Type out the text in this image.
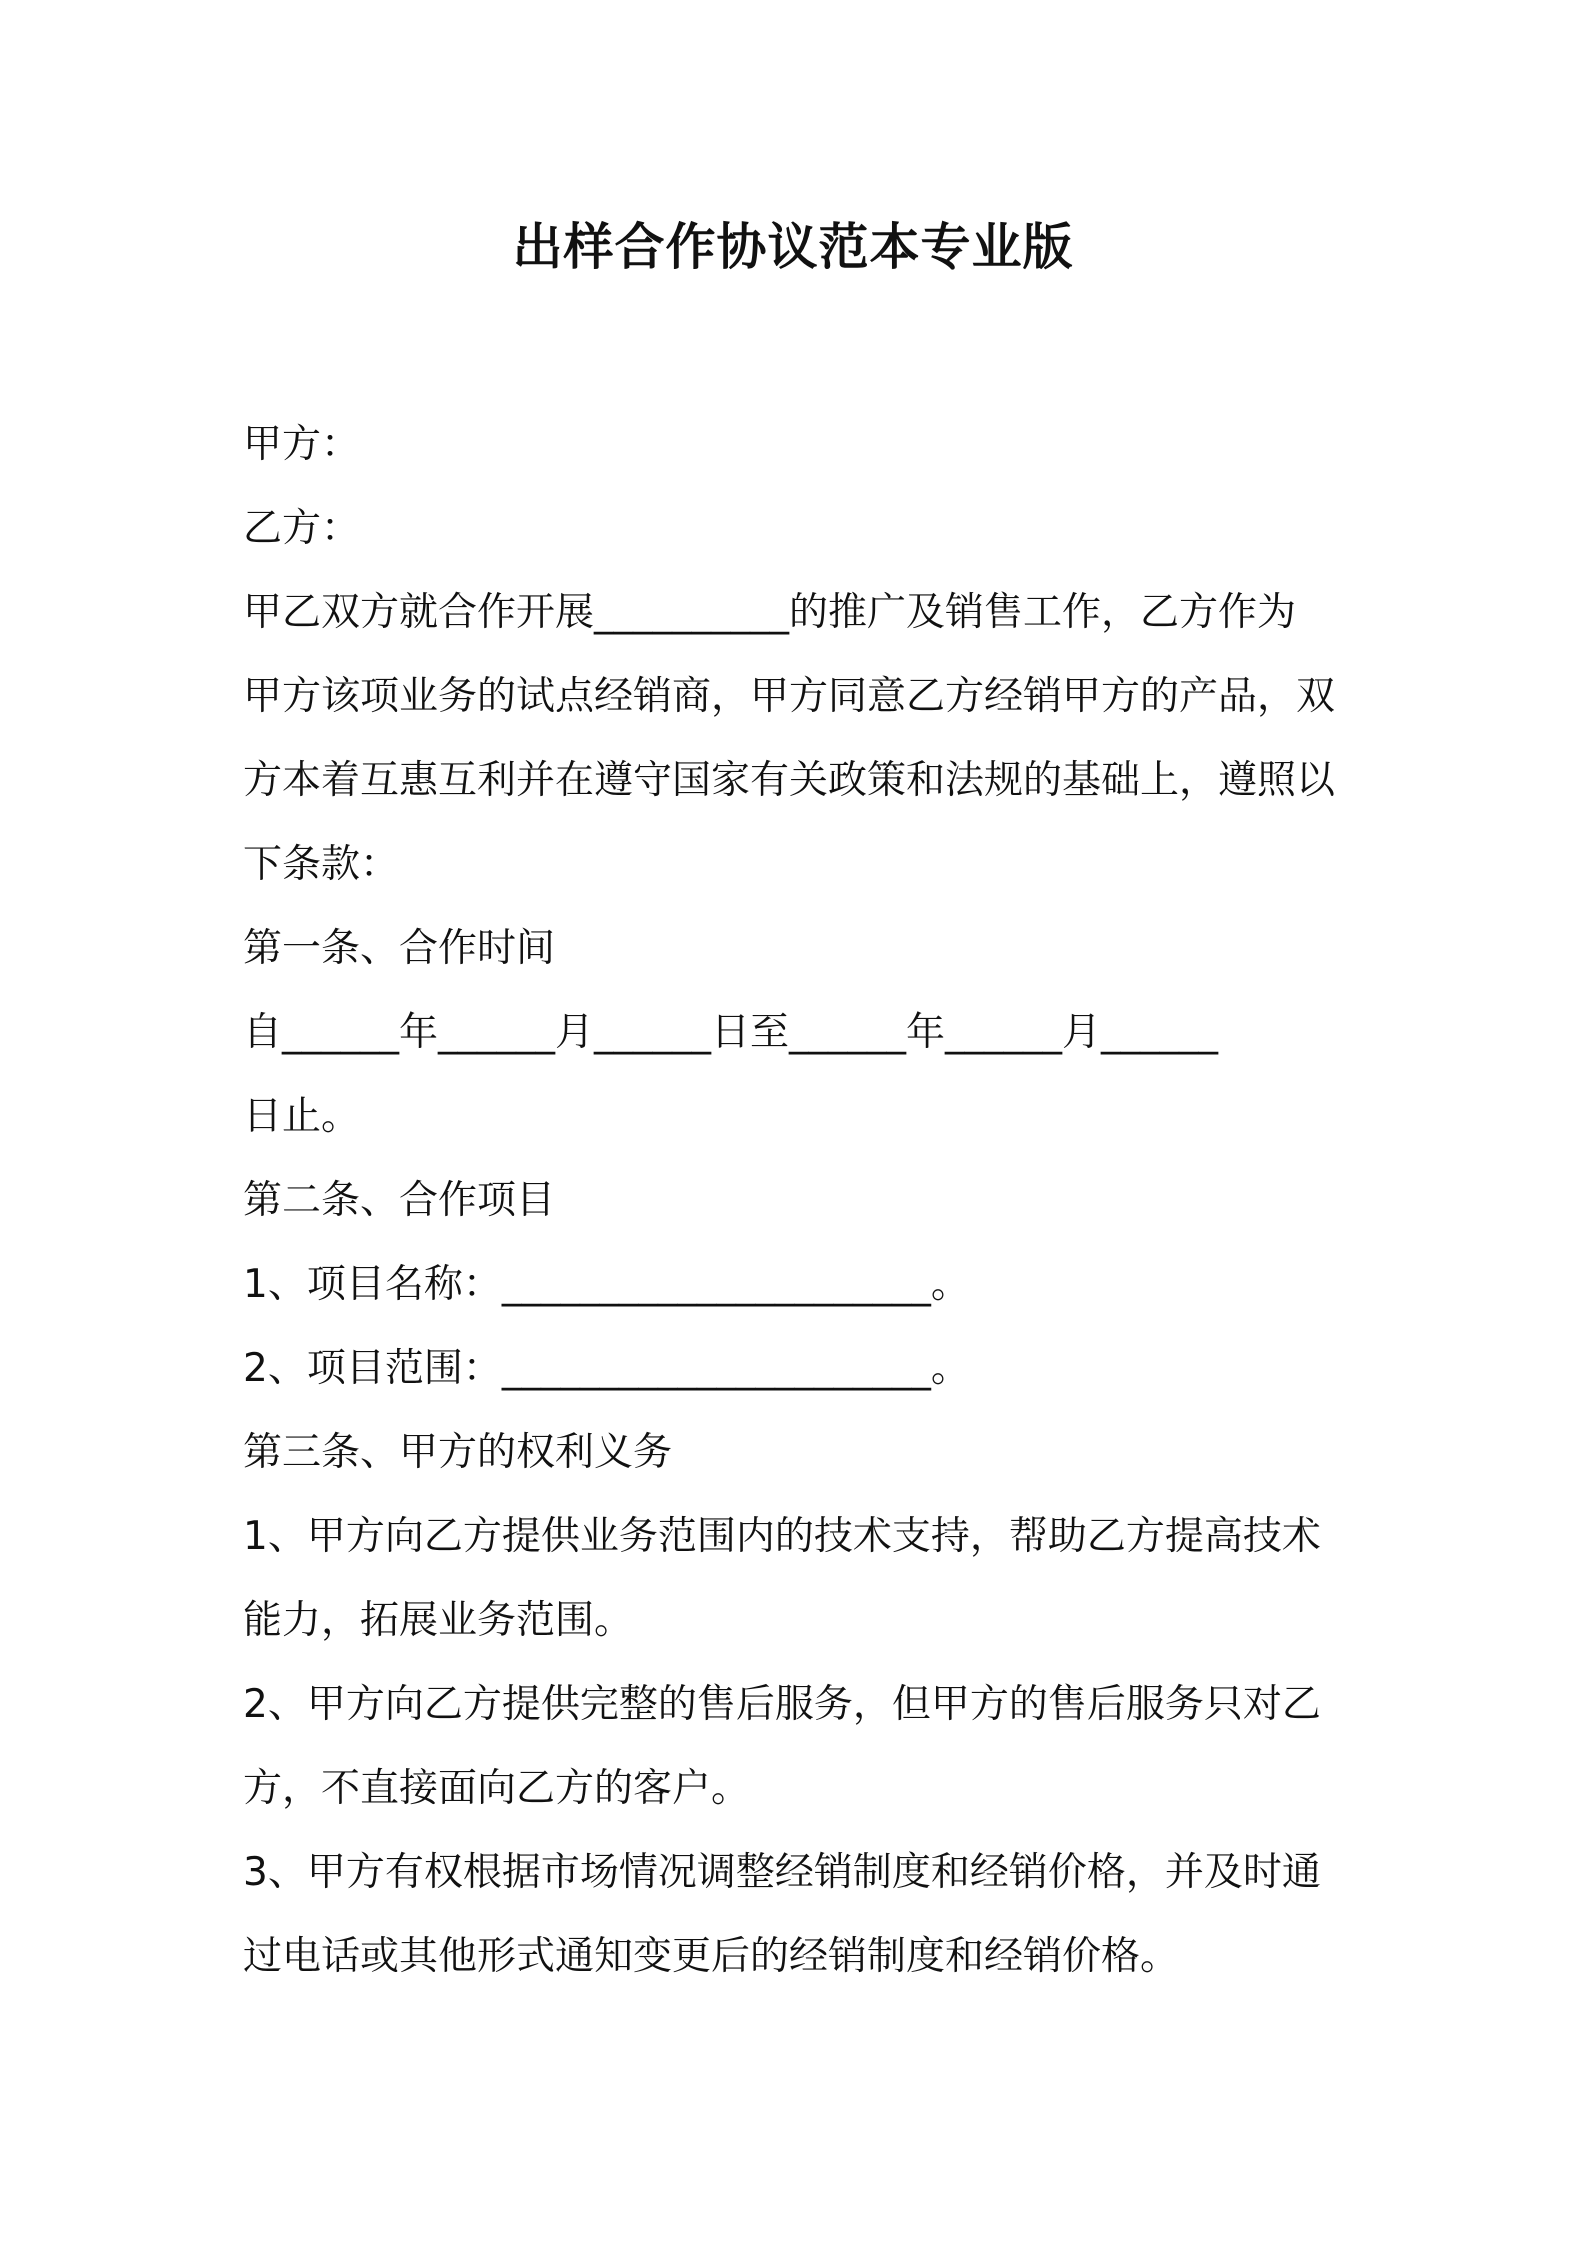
出样合作协议范本专业版

甲方：

乙方：

甲乙双方就合作开展__________的推广及销售工作，乙方作为

甲方该项业务的试点经销商，甲方同意乙方经销甲方的产品，双

方本着互惠互利并在遵守国家有关政策和法规的基础上，遵照以

下条款：

第一条、合作时间

自______年______月______日至______年______月______

日止。

第二条、合作项目

1、项目名称：______________________。

2、项目范围：______________________。

第三条、甲方的权利义务

1、甲方向乙方提供业务范围内的技术支持，帮助乙方提高技术

能力，拓展业务范围。

2、甲方向乙方提供完整的售后服务，但甲方的售后服务只对乙

方，不直接面向乙方的客户。

3、甲方有权根据市场情况调整经销制度和经销价格，并及时通

过电话或其他形式通知变更后的经销制度和经销价格。
